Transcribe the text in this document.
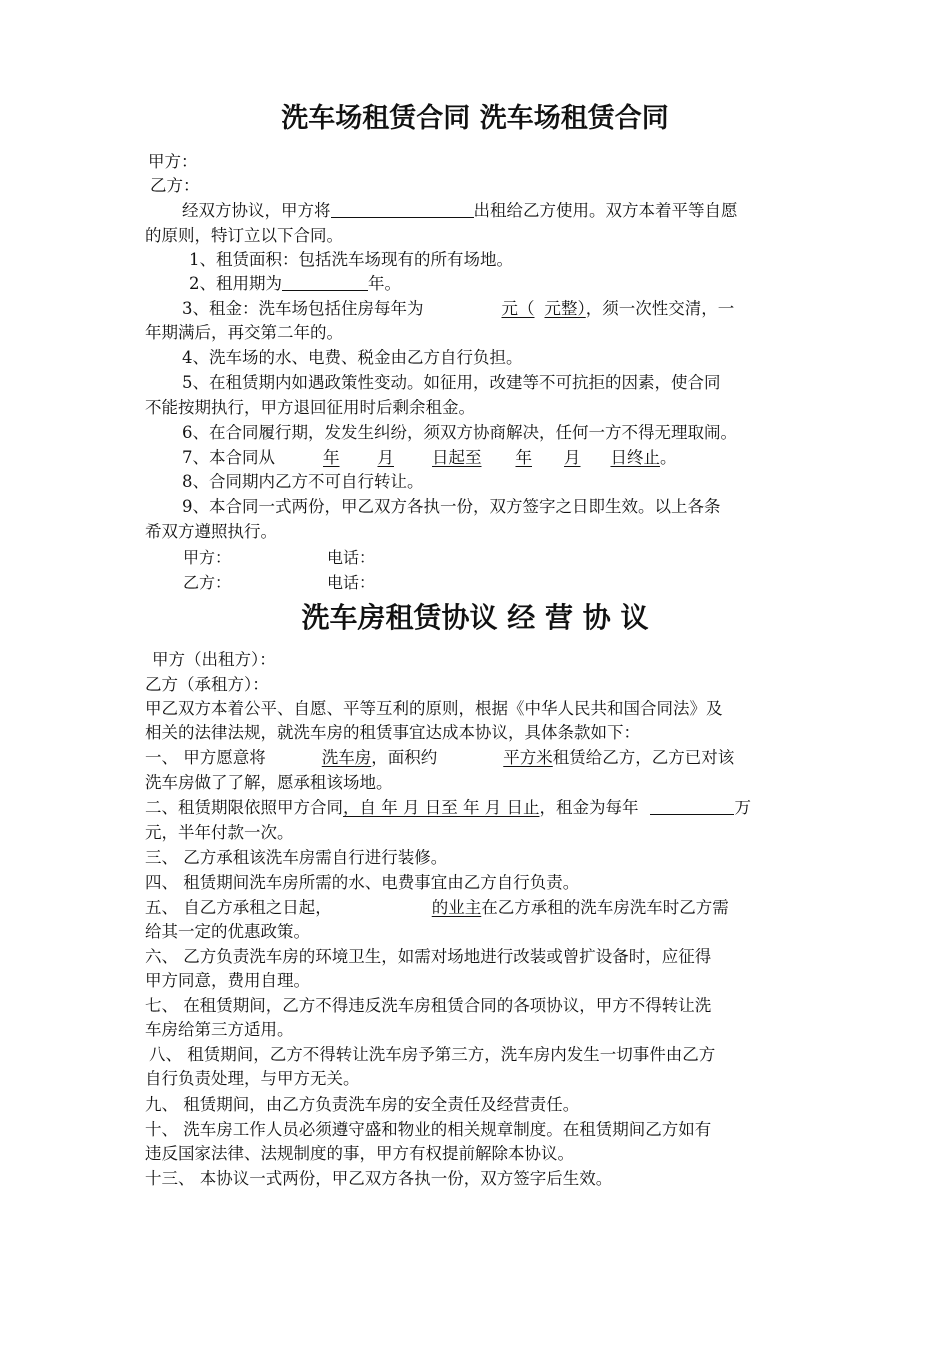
洗车场租赁合同 洗车场租赁合同
甲方：
乙方：
经双方协议，甲方将	出租给乙方使用。双方本着平等自愿
的原则，特订立以下合同。
1、租赁面积：包括洗车场现有的所有场地。
2、租用期为	年。
3、租金：洗车场包括住房每年为	元（ 元整），须一次性交清，一
年期满后，再交第二年的。
4、洗车场的水、电费、税金由乙方自行负担。
5、在租赁期内如遇政策性变动。如征用，改建等不可抗拒的因素，使合同
不能按期执行，甲方退回征用时后剩余租金。
6、在合同履行期，发发生纠纷，须双方协商解决，任何一方不得无理取闹。
7、本合同从	年 月 日起至 年 月 日终止。
8、合同期内乙方不可自行转让。
9、本合同一式两份，甲乙双方各执一份，双方签字之日即生效。以上各条
希双方遵照执行。
甲方：	电话：
乙方：	电话：
洗车房租赁协议 经 营 协 议
甲方（出租方）：
乙方（承租方）：
甲乙双方本着公平、自愿、平等互利的原则，根据《中华人民共和国合同法》及
相关的法律法规，就洗车房的租赁事宜达成本协议，具体条款如下：
一、 甲方愿意将	洗车房，面积约	平方米租赁给乙方，乙方已对该
洗车房做了了解，愿承租该场地。
二、租赁期限依照甲方合同，自 年 月 日至 年 月 日止，租金为每年	万
元，半年付款一次。
三、 乙方承租该洗车房需自行进行装修。
四、 租赁期间洗车房所需的水、电费事宜由乙方自行负责。
五、 自乙方承租之日起，	的业主在乙方承租的洗车房洗车时乙方需
给其一定的优惠政策。
六、 乙方负责洗车房的环境卫生，如需对场地进行改装或曾扩设备时，应征得
甲方同意，费用自理。
七、 在租赁期间，乙方不得违反洗车房租赁合同的各项协议，甲方不得转让洗
车房给第三方适用。
八、 租赁期间，乙方不得转让洗车房予第三方，洗车房内发生一切事件由乙方
自行负责处理，与甲方无关。
九、 租赁期间，由乙方负责洗车房的安全责任及经营责任。
十、 洗车房工作人员必须遵守盛和物业的相关规章制度。在租赁期间乙方如有
违反国家法律、法规制度的事，甲方有权提前解除本协议。
十三、 本协议一式两份，甲乙双方各执一份，双方签字后生效。
